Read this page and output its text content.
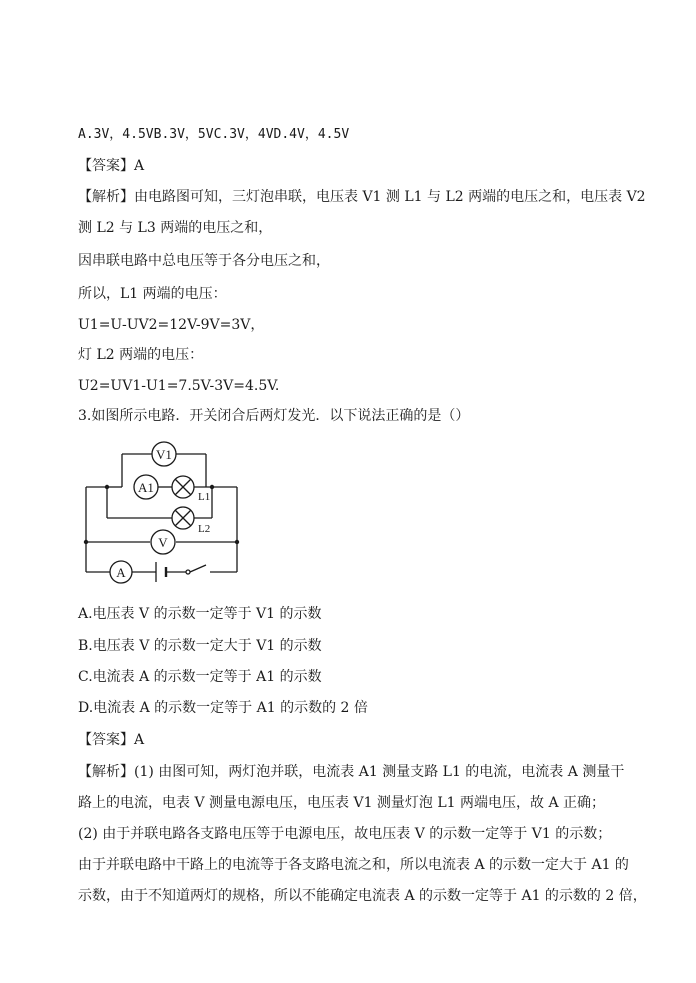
A.3V，4.5VB.3V，5VC.3V，4VD.4V，4.5V
【答案】A
【解析】由电路图可知，三灯泡串联，电压表 V1 测 L1 与 L2 两端的电压之和，电压表 V2
测 L2 与 L3 两端的电压之和，
因串联电路中总电压等于各分电压之和，
所以，L1 两端的电压：
U1=U-UV2=12V-9V=3V，
灯 L2 两端的电压：
U2=UV1-U1=7.5V-3V=4.5V.
3.如图所示电路．开关闭合后两灯发光．以下说法正确的是（）
V1
A1
L1
L2
V
A
A.电压表 V 的示数一定等于 V1 的示数
B.电压表 V 的示数一定大于 V1 的示数
C.电流表 A 的示数一定等于 A1 的示数
D.电流表 A 的示数一定等于 A1 的示数的 2 倍
【答案】A
【解析】(1) 由图可知，两灯泡并联，电流表 A1 测量支路 L1 的电流，电流表 A 测量干
路上的电流，电表 V 测量电源电压，电压表 V1 测量灯泡 L1 两端电压，故 A 正确；
(2) 由于并联电路各支路电压等于电源电压，故电压表 V 的示数一定等于 V1 的示数；
由于并联电路中干路上的电流等于各支路电流之和，所以电流表 A 的示数一定大于 A1 的
示数，由于不知道两灯的规格，所以不能确定电流表 A 的示数一定等于 A1 的示数的 2 倍，
